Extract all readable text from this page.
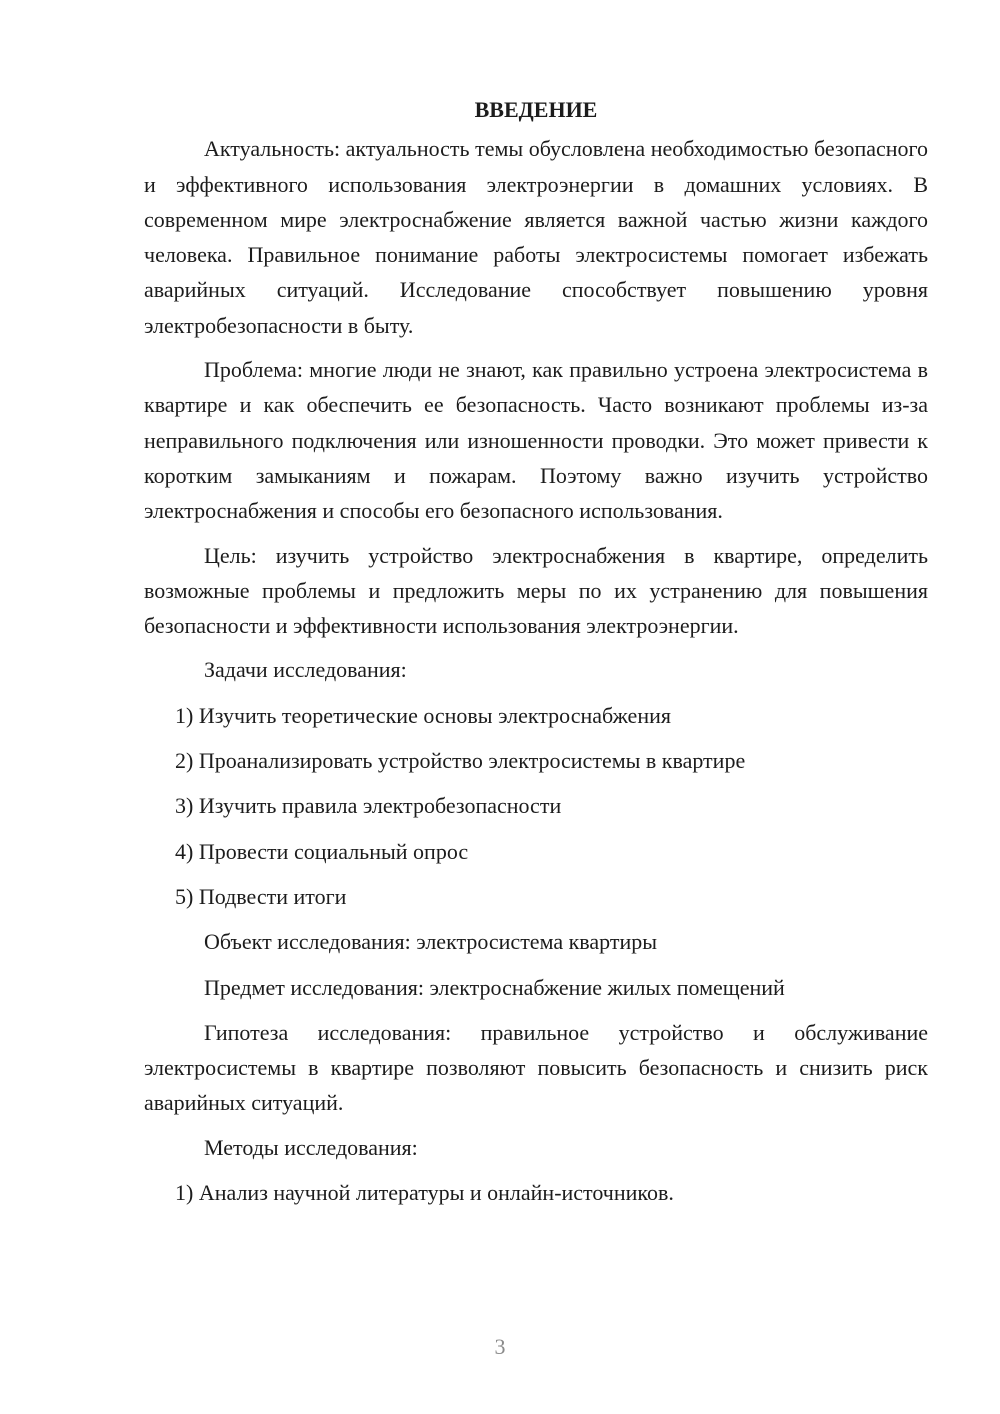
ВВЕДЕНИЕ

Актуальность: актуальность темы обусловлена необходимостью безопасного и эффективного использования электроэнергии в домашних условиях. В современном мире электроснабжение является важной частью жизни каждого человека. Правильное понимание работы электросистемы помогает избежать аварийных ситуаций. Исследование способствует повышению уровня электробезопасности в быту.

Проблема: многие люди не знают, как правильно устроена электросистема в квартире и как обеспечить ее безопасность. Часто возникают проблемы из-за неправильного подключения или изношенности проводки. Это может привести к коротким замыканиям и пожарам. Поэтому важно изучить устройство электроснабжения и способы его безопасного использования.

Цель: изучить устройство электроснабжения в квартире, определить возможные проблемы и предложить меры по их устранению для повышения безопасности и эффективности использования электроэнергии.

Задачи исследования:

1) Изучить теоретические основы электроснабжения

2) Проанализировать устройство электросистемы в квартире

3) Изучить правила электробезопасности

4) Провести социальный опрос

5) Подвести итоги

Объект исследования: электросистема квартиры

Предмет исследования: электроснабжение жилых помещений

Гипотеза исследования: правильное устройство и обслуживание электросистемы в квартире позволяют повысить безопасность и снизить риск аварийных ситуаций.

Методы исследования:

1) Анализ научной литературы и онлайн-источников.

3
